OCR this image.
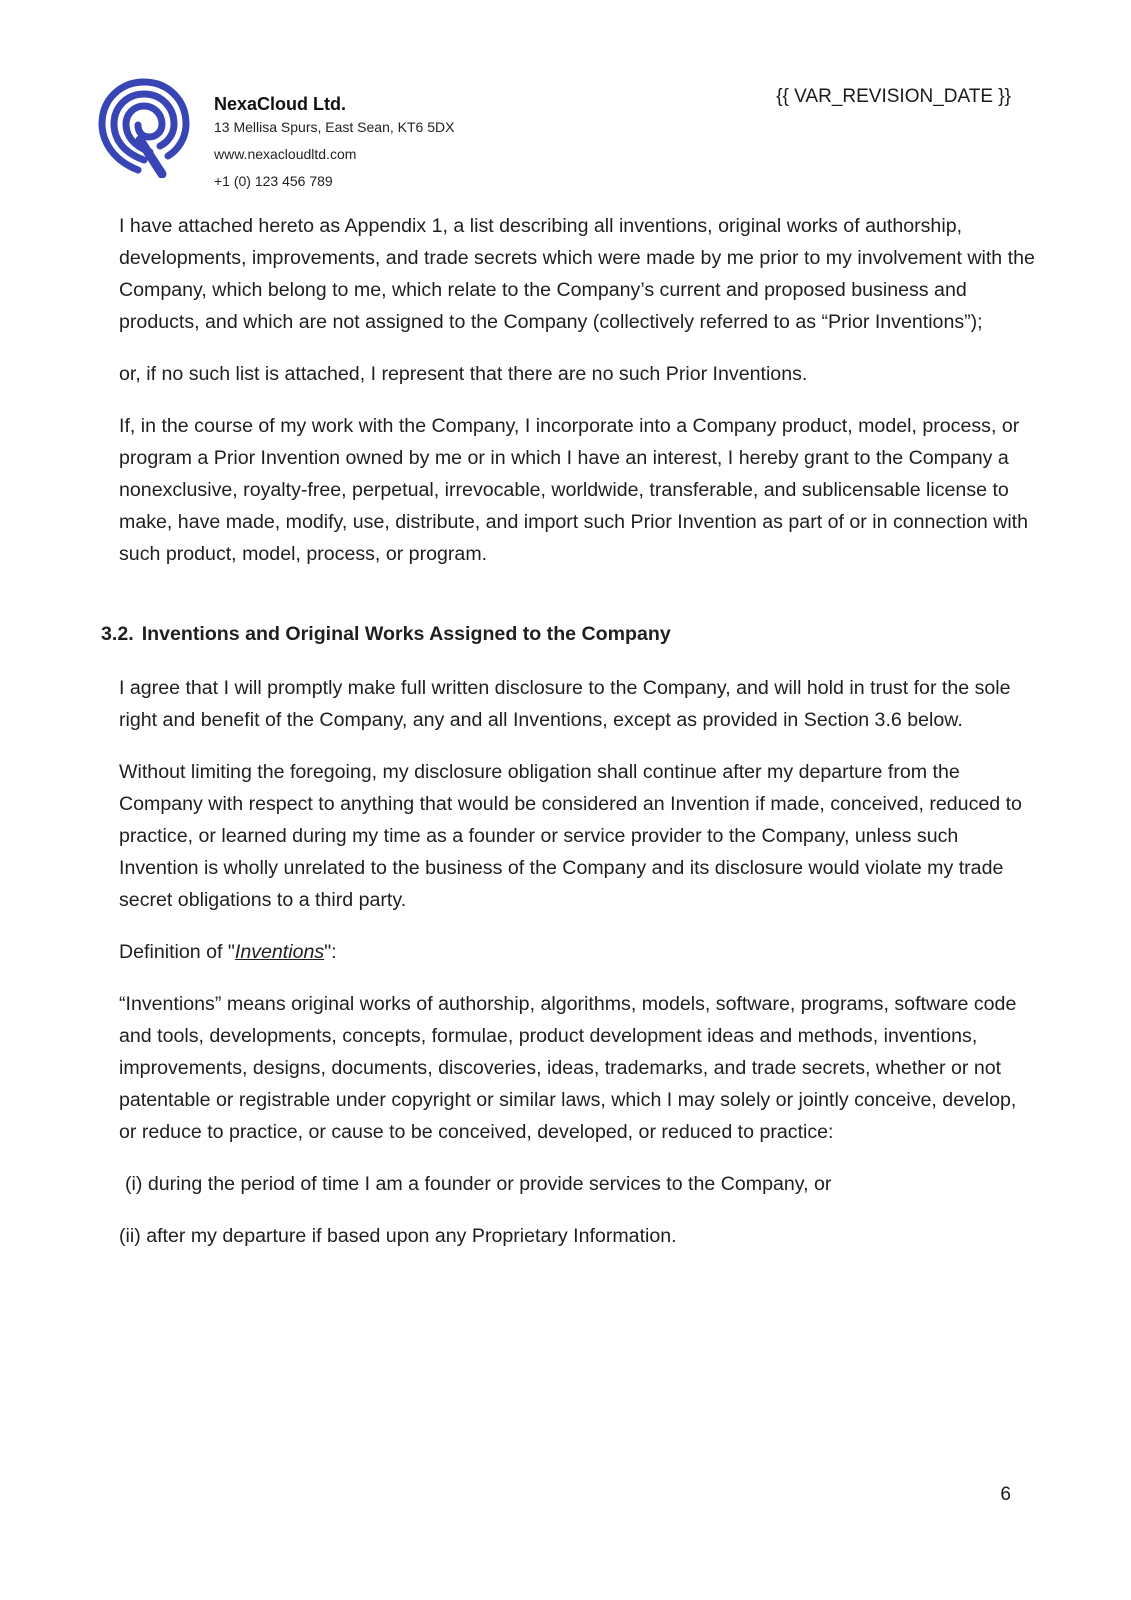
NexaCloud Ltd.
13 Mellisa Spurs, East Sean, KT6 5DX
www.nexacloudltd.com
+1 (0) 123 456 789
{{ VAR_REVISION_DATE }}

I have attached hereto as Appendix 1, a list describing all inventions, original works of authorship, developments, improvements, and trade secrets which were made by me prior to my involvement with the Company, which belong to me, which relate to the Company’s current and proposed business and products, and which are not assigned to the Company (collectively referred to as “Prior Inventions”);

or, if no such list is attached, I represent that there are no such Prior Inventions.

If, in the course of my work with the Company, I incorporate into a Company product, model, process, or program a Prior Invention owned by me or in which I have an interest, I hereby grant to the Company a nonexclusive, royalty-free, perpetual, irrevocable, worldwide, transferable, and sublicensable license to make, have made, modify, use, distribute, and import such Prior Invention as part of or in connection with such product, model, process, or program.

3.2. Inventions and Original Works Assigned to the Company

I agree that I will promptly make full written disclosure to the Company, and will hold in trust for the sole right and benefit of the Company, any and all Inventions, except as provided in Section 3.6 below.

Without limiting the foregoing, my disclosure obligation shall continue after my departure from the Company with respect to anything that would be considered an Invention if made, conceived, reduced to practice, or learned during my time as a founder or service provider to the Company, unless such Invention is wholly unrelated to the business of the Company and its disclosure would violate my trade secret obligations to a third party.

Definition of "Inventions":

“Inventions” means original works of authorship, algorithms, models, software, programs, software code and tools, developments, concepts, formulae, product development ideas and methods, inventions, improvements, designs, documents, discoveries, ideas, trademarks, and trade secrets, whether or not patentable or registrable under copyright or similar laws, which I may solely or jointly conceive, develop, or reduce to practice, or cause to be conceived, developed, or reduced to practice:

(i) during the period of time I am a founder or provide services to the Company, or

(ii) after my departure if based upon any Proprietary Information.

6
